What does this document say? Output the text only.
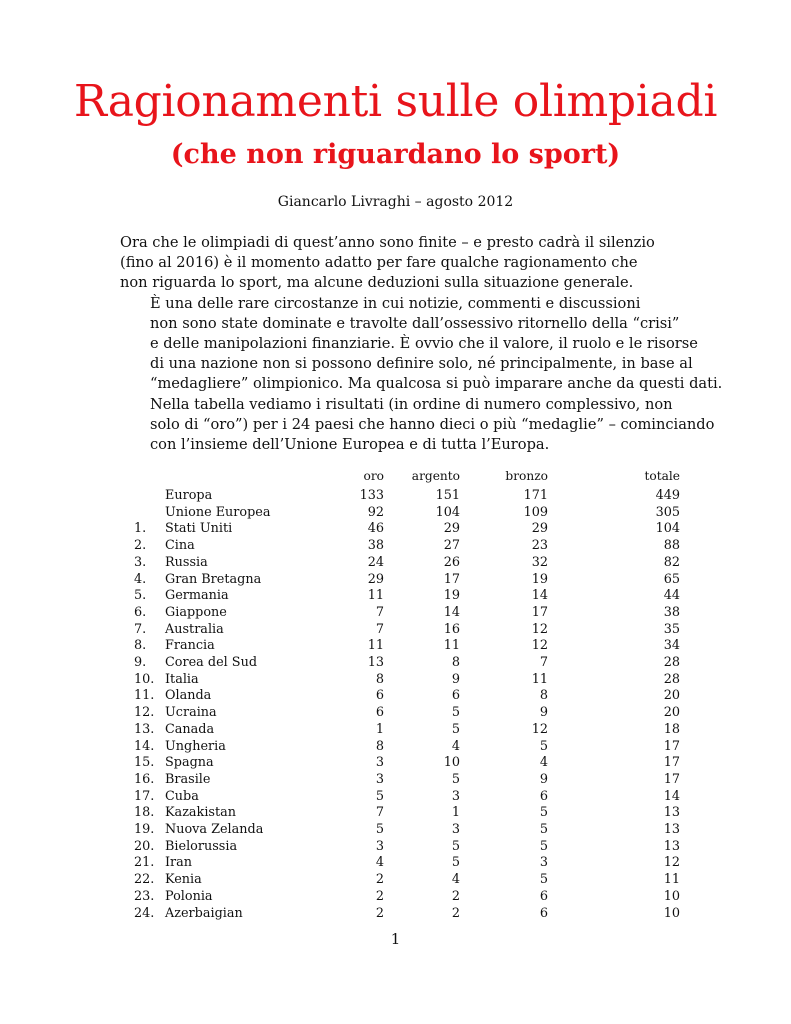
Ragionamenti sulle olimpiadi
(che non riguardano lo sport)
Giancarlo Livraghi – agosto 2012

Ora che le olimpiadi di quest’anno sono finite – e presto cadrà il silenzio
(fino al 2016) è il momento adatto per fare qualche ragionamento che
non riguarda lo sport, ma alcune deduzioni sulla situazione generale.

È una delle rare circostanze in cui notizie, commenti e discussioni
non sono state dominate e travolte dall’ossessivo ritornello della “crisi”
e delle manipolazioni finanziarie. È ovvio che il valore, il ruolo e le risorse
di una nazione non si possono definire solo, né principalmente, in base al
“medagliere” olimpionico. Ma qualcosa si può imparare anche da questi dati.

Nella tabella vediamo i risultati (in ordine di numero complessivo, non
solo di “oro”) per i 24 paesi che hanno dieci o più “medaglie” – cominciando
con l’insieme dell’Unione Europea e di tutta l’Europa.

		oro	argento	bronzo	totale
	Europa	133	151	171	449
	Unione Europea	92	104	109	305
1.	Stati Uniti	46	29	29	104
2.	Cina	38	27	23	88
3.	Russia	24	26	32	82
4.	Gran Bretagna	29	17	19	65
5.	Germania	11	19	14	44
6.	Giappone	7	14	17	38
7.	Australia	7	16	12	35
8.	Francia	11	11	12	34
9.	Corea del Sud	13	8	7	28
10.	Italia	8	9	11	28
11.	Olanda	6	6	8	20
12.	Ucraina	6	5	9	20
13.	Canada	1	5	12	18
14.	Ungheria	8	4	5	17
15.	Spagna	3	10	4	17
16.	Brasile	3	5	9	17
17.	Cuba	5	3	6	14
18.	Kazakistan	7	1	5	13
19.	Nuova Zelanda	5	3	5	13
20.	Bielorussia	3	5	5	13
21.	Iran	4	5	3	12
22.	Kenia	2	4	5	11
23.	Polonia	2	2	6	10
24.	Azerbaigian	2	2	6	10
1
